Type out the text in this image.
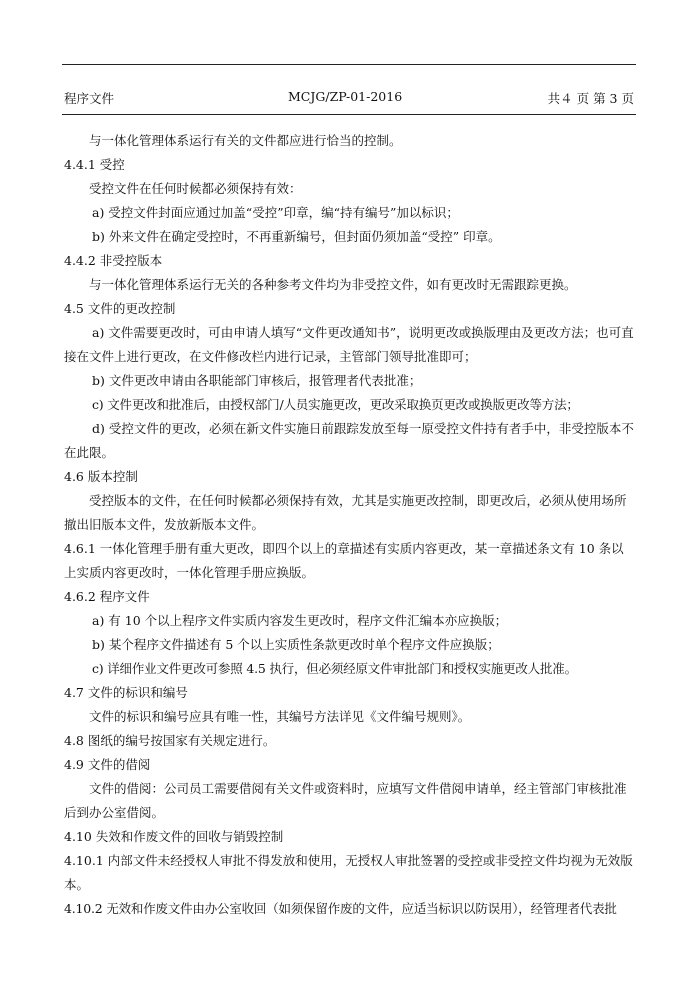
程序文件	MCJG/ZP-01-2016	共４ 页 第 3 页

与一体化管理体系运行有关的文件都应进行恰当的控制。

4.4.1 受控

受控文件在任何时候都必须保持有效：

a) 受控文件封面应通过加盖“受控”印章，编“持有编号”加以标识；

b) 外来文件在确定受控时，不再重新编号，但封面仍须加盖“受控” 印章。

4.4.2 非受控版本

与一体化管理体系运行无关的各种参考文件均为非受控文件，如有更改时无需跟踪更换。

4.5 文件的更改控制

a) 文件需要更改时，可由申请人填写“文件更改通知书”，说明更改或换版理由及更改方法；也可直接在文件上进行更改，在文件修改栏内进行记录，主管部门领导批准即可；

b) 文件更改申请由各职能部门审核后，报管理者代表批准；

c) 文件更改和批准后，由授权部门/人员实施更改，更改采取换页更改或换版更改等方法；

d) 受控文件的更改，必须在新文件实施日前跟踪发放至每一原受控文件持有者手中，非受控版本不在此限。

4.6 版本控制

受控版本的文件，在任何时候都必须保持有效，尤其是实施更改控制，即更改后，必须从使用场所撤出旧版本文件，发放新版本文件。

4.6.1 一体化管理手册有重大更改，即四个以上的章描述有实质内容更改，某一章描述条文有 10 条以上实质内容更改时，一体化管理手册应换版。

4.6.2 程序文件

a) 有 10 个以上程序文件实质内容发生更改时，程序文件汇编本亦应换版；

b) 某个程序文件描述有 5 个以上实质性条款更改时单个程序文件应换版；

c) 详细作业文件更改可参照 4.5 执行，但必须经原文件审批部门和授权实施更改人批准。

4.7 文件的标识和编号

文件的标识和编号应具有唯一性，其编号方法详见《文件编号规则》。

4.8 图纸的编号按国家有关规定进行。

4.9 文件的借阅

文件的借阅：公司员工需要借阅有关文件或资料时，应填写文件借阅申请单，经主管部门审核批准后到办公室借阅。

4.10 失效和作废文件的回收与销毁控制

4.10.1 内部文件未经授权人审批不得发放和使用，无授权人审批签署的受控或非受控文件均视为无效版本。

4.10.2 无效和作废文件由办公室收回（如须保留作废的文件，应适当标识以防误用），经管理者代表批
